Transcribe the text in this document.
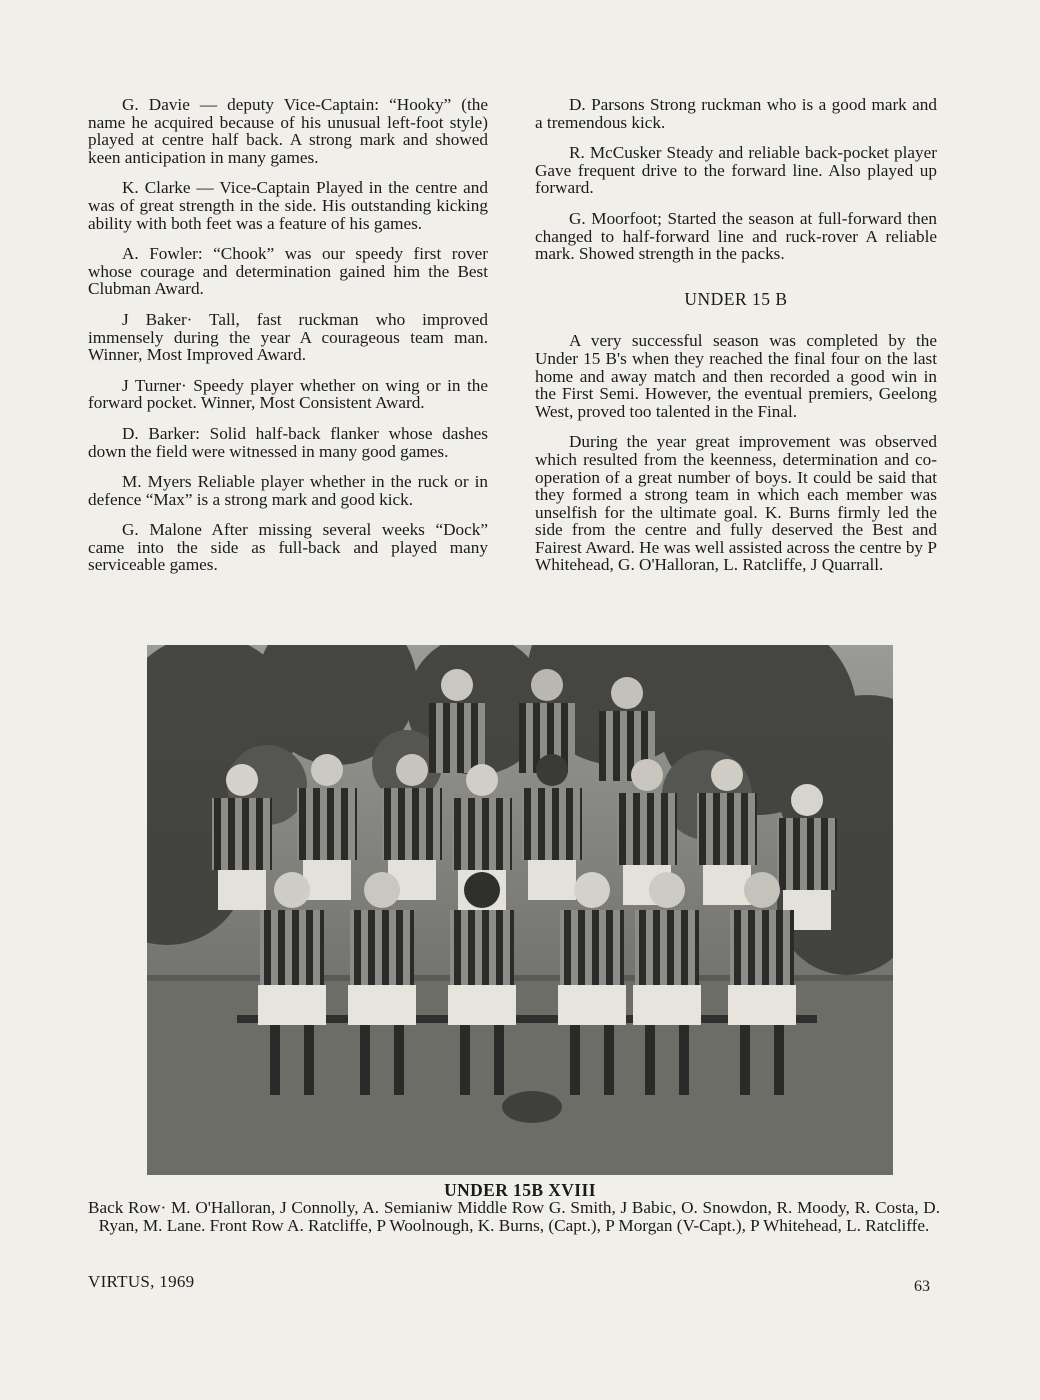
G. Davie — deputy Vice-Captain: “Hooky” (the name he acquired because of his unusual left-foot style) played at centre half back. A strong mark and showed keen anticipation in many games.

K. Clarke — Vice-Captain Played in the centre and was of great strength in the side. His outstanding kicking ability with both feet was a feature of his games.

A. Fowler: “Chook” was our speedy first rover whose courage and determination gained him the Best Clubman Award.

J Baker· Tall, fast ruckman who improved immensely during the year A courageous team man. Winner, Most Improved Award.

J Turner· Speedy player whether on wing or in the forward pocket. Winner, Most Consistent Award.

D. Barker: Solid half-back flanker whose dashes down the field were witnessed in many good games.

M. Myers Reliable player whether in the ruck or in defence “Max” is a strong mark and good kick.

G. Malone After missing several weeks “Dock” came into the side as full-back and played many serviceable games.

D. Parsons Strong ruckman who is a good mark and a tremendous kick.

R. McCusker Steady and reliable back-pocket player Gave frequent drive to the forward line. Also played up forward.

G. Moorfoot; Started the season at full-forward then changed to half-forward line and ruck-rover A reliable mark. Showed strength in the packs.

UNDER 15 B

A very successful season was completed by the Under 15 B's when they reached the final four on the last home and away match and then recorded a good win in the First Semi. However, the eventual premiers, Geelong West, proved too talented in the Final.

During the year great improvement was observed which resulted from the keenness, determination and co-operation of a great number of boys. It could be said that they formed a strong team in which each member was unselfish for the ultimate goal. K. Burns firmly led the side from the centre and fully deserved the Best and Fairest Award. He was well assisted across the centre by P Whitehead, G. O'Halloran, L. Ratcliffe, J Quarrall.

UNDER 15B XVIII
Back Row· M. O'Halloran, J Connolly, A. Semianiw Middle Row G. Smith, J Babic, O. Snowdon, R. Moody, R. Costa, D. Ryan, M. Lane. Front Row A. Ratcliffe, P Woolnough, K. Burns, (Capt.), P Morgan (V-Capt.), P Whitehead, L. Ratcliffe.
VIRTUS, 1969	63
